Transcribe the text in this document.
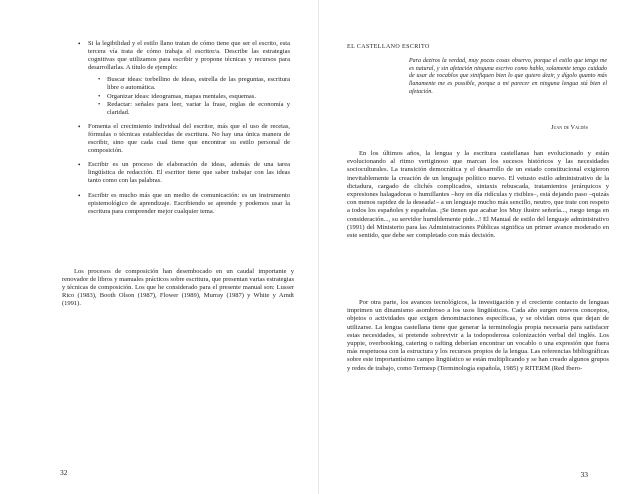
• Si la legibilidad y el estilo llano tratan de cómo tiene que ser el escrito, esta tercera vía trata de cómo trabaja el escritor/a. Describe las estrategias cognitivas que utilizamos para escribir y propone técnicas y recursos para desarrollarlas. A título de ejemplo:
• Buscar ideas: torbellino de ideas, estrella de las preguntas, escritura libre o automática.
• Organizar ideas: ideogramas, mapas mentales, esquemas.
• Redactar: señales para leer, variar la frase, reglas de economía y claridad.
• Fomenta el crecimiento individual del escritor, más que el uso de recetas, fórmulas o técnicas establecidas de escritura. No hay una única manera de escribir, sino que cada cual tiene que encontrar su estilo personal de composición.
• Escribir es un proceso de elaboración de ideas, además de una tarea lingüística de redacción. El escritor tiene que saber trabajar con las ideas tanto como con las palabras.
• Escribir es mucho más que un medio de comunicación: es un instrumento epistemológico de aprendizaje. Escribiendo se aprende y podemos usar la escritura para comprender mejor cualquier tema.

Los procesos de composición han desembocado en un caudal importante y renovador de libros y manuales prácticos sobre escritura, que presentan varias estrategias y técnicas de composición. Los que he considerado para el presente manual son: Lusser Rico (1983), Booth Olson (1987), Flower (1989), Murray (1987) y White y Arndt (1991).

32
EL CASTELLANO ESCRITO

Para deziros la verdad, muy pocas cosas observo, porque el estilo que tengo me es natural, y sin afetación ninguna escrivo como hablo, solamente tengo cuidado de usar de vocablos que sinifiquen bien lo que quiero dezir, y dígolo quanto más llanamente me es possible, porque a mi parecer en ninguna lengua stá bien el afetación.

Juan de Valdés

En los últimos años, la lengua y la escritura castellanas han evolucionado y están evolucionando al ritmo vertiginoso que marcan los sucesos históricos y las necesidades socioculturales. La transición democrática y el desarrollo de un estado constitucional exigieron inevitablemente la creación de un lenguaje político nuevo. El vetusto estilo administrativo de la dictadura, cargado de clichés complicados, sintaxis rebuscada, tratamientos jerárquicos y expresiones halagadoras o humillantes –hoy en día ridículas y risibles–, está dejando paso –quizás con menos rapidez de la deseada!– a un lenguaje mucho más sencillo, neutro, que trate con respeto a todos los españoles y españolas. ¡Se tienen que acabar los Muy ilustre señoría..., ruego tenga en consideración..., su servidor humildemente pide...! El Manual de estilo del lenguaje administrativo (1991) del Ministerio para las Administraciones Públicas significa un primer avance moderado en este sentido, que debe ser completado con más decisión.

Por otra parte, los avances tecnológicos, la investigación y el creciente contacto de lenguas imprimen un dinamismo asombroso a los usos lingüísticos. Cada año surgen nuevos conceptos, objetos o actividades que exigen denominaciones específicas, y se olvidan otros que dejan de utilizarse. La lengua castellana tiene que generar la terminología propia necesaria para satisfacer estas necesidades, si pretende sobrevivir a la todopoderosa colonización verbal del inglés. Los yuppie, overbooking, catering o rafting deberían encontrar un vocablo o una expresión que fuera más respetuosa con la estructura y los recursos propios de la lengua. Las referencias bibliográficas sobre este importantísimo campo lingüístico se están multiplicando y se han creado algunos grupos y redes de trabajo, como Termesp (Terminología española, 1985) y RITERM (Red Ibero-

33
